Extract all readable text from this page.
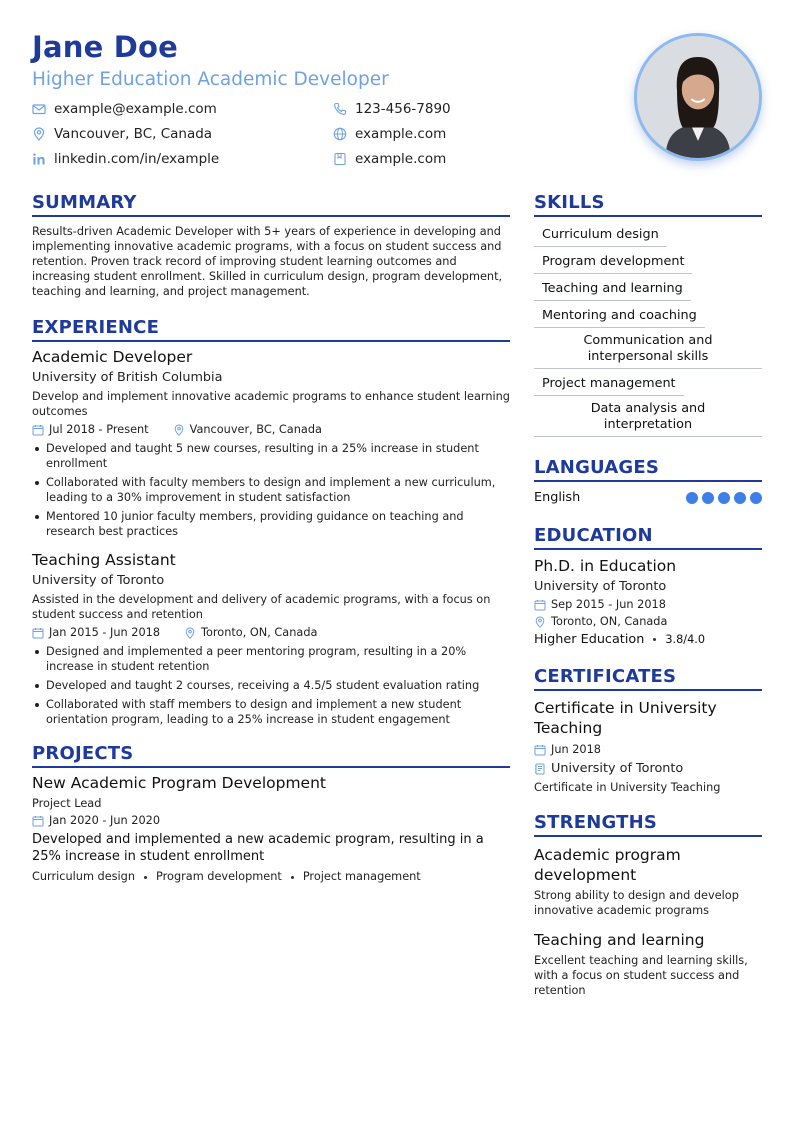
Jane Doe
Higher Education Academic Developer
example@example.com	123-456-7890
Vancouver, BC, Canada	example.com
linkedin.com/in/example	example.com
SUMMARY
Results-driven Academic Developer with 5+ years of experience in developing and implementing innovative academic programs, with a focus on student success and retention. Proven track record of improving student learning outcomes and increasing student enrollment. Skilled in curriculum design, program development, teaching and learning, and project management.
EXPERIENCE
Academic Developer
University of British Columbia
Develop and implement innovative academic programs to enhance student learning outcomes
Jul 2018 - Present	Vancouver, BC, Canada
Developed and taught 5 new courses, resulting in a 25% increase in student enrollment
Collaborated with faculty members to design and implement a new curriculum, leading to a 30% improvement in student satisfaction
Mentored 10 junior faculty members, providing guidance on teaching and research best practices
Teaching Assistant
University of Toronto
Assisted in the development and delivery of academic programs, with a focus on student success and retention
Jan 2015 - Jun 2018	Toronto, ON, Canada
Designed and implemented a peer mentoring program, resulting in a 20% increase in student retention
Developed and taught 2 courses, receiving a 4.5/5 student evaluation rating
Collaborated with staff members to design and implement a new student orientation program, leading to a 25% increase in student engagement
PROJECTS
New Academic Program Development
Project Lead
Jan 2020 - Jun 2020
Developed and implemented a new academic program, resulting in a 25% increase in student enrollment
Curriculum design Program development Project management
SKILLS
Curriculum design
Program development
Teaching and learning
Mentoring and coaching
Communication and interpersonal skills
Project management
Data analysis and interpretation
LANGUAGES
English
EDUCATION
Ph.D. in Education
University of Toronto
Sep 2015 - Jun 2018
Toronto, ON, Canada
Higher Education 3.8/4.0
CERTIFICATES
Certificate in University Teaching
Jun 2018
University of Toronto
Certificate in University Teaching
STRENGTHS
Academic program development
Strong ability to design and develop innovative academic programs
Teaching and learning
Excellent teaching and learning skills, with a focus on student success and retention
